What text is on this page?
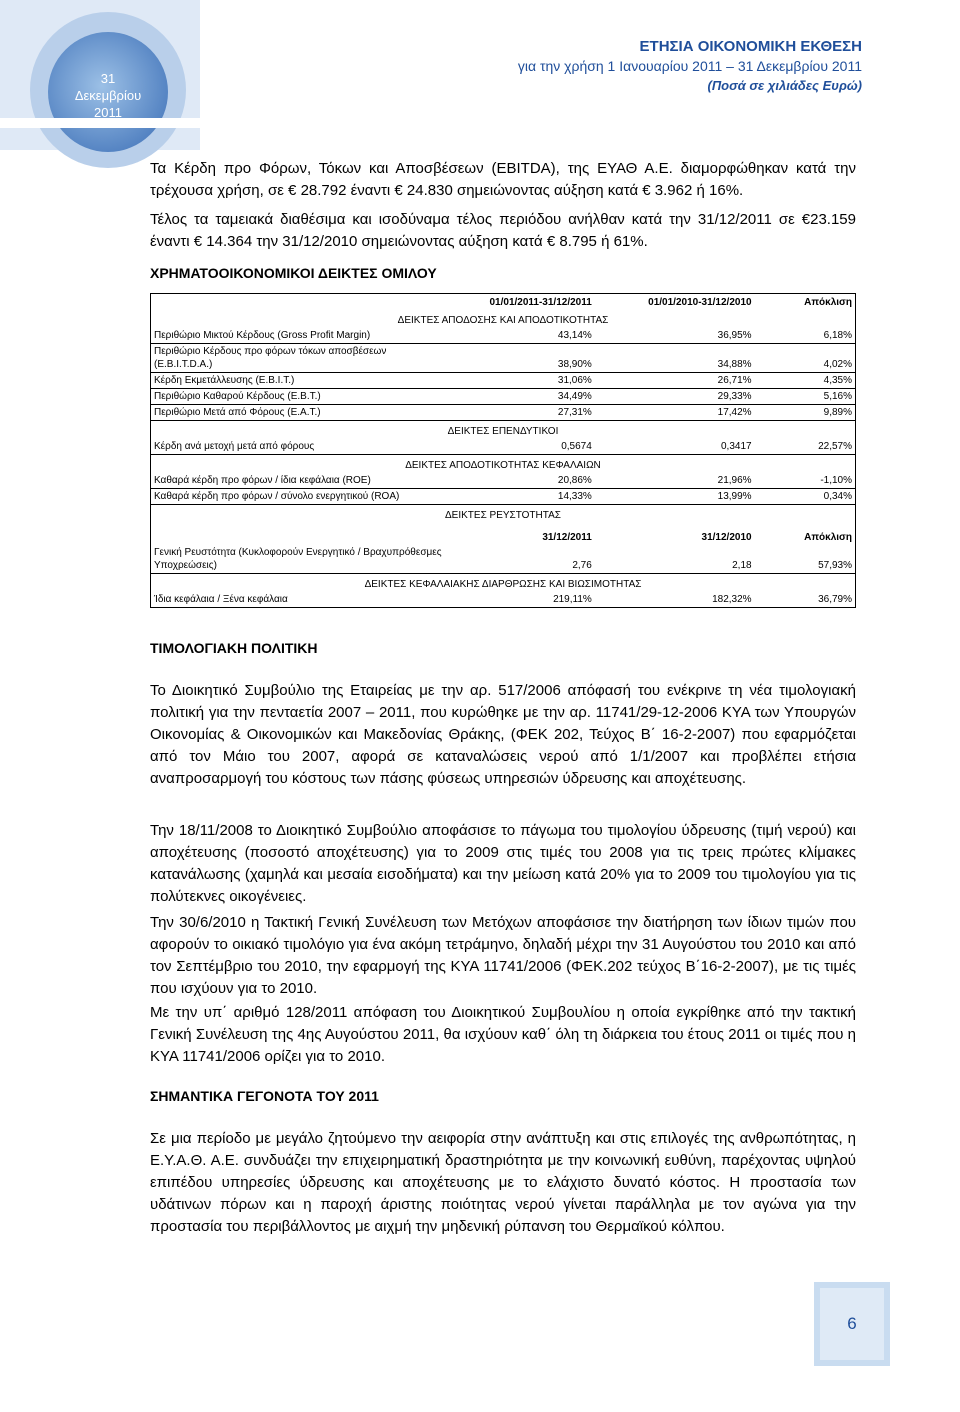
ΕΤΗΣΙΑ ΟΙΚΟΝΟΜΙΚΗ ΕΚΘΕΣΗ
για την χρήση 1 Ιανουαρίου 2011 – 31 Δεκεμβρίου 2011
(Ποσά σε χιλιάδες Ευρώ)
31
Δεκεμβρίου
2011
Τα Κέρδη προ Φόρων, Τόκων και Αποσβέσεων (EBITDA), της ΕΥΑΘ Α.Ε. διαμορφώθηκαν κατά την τρέχουσα χρήση, σε € 28.792 έναντι € 24.830 σημειώνοντας αύξηση κατά € 3.962 ή 16%.
Τέλος τα ταμειακά διαθέσιμα και ισοδύναμα τέλος περιόδου ανήλθαν κατά την 31/12/2011 σε €23.159 έναντι € 14.364 την 31/12/2010 σημειώνοντας αύξηση κατά € 8.795 ή 61%.
ΧΡΗΜΑΤΟΟΙΚΟΝΟΜΙΚΟΙ ΔΕΙΚΤΕΣ ΟΜΙΛΟΥ
	01/01/2011-31/12/2011	01/01/2010-31/12/2010	Απόκλιση
ΔΕΙΚΤΕΣ ΑΠΟΔΟΣΗΣ ΚΑΙ ΑΠΟΔΟΤΙΚΟΤΗΤΑΣ			
Περιθώριο Μικτού Κέρδους (Gross Profit Margin)	43,14%	36,95%	6,18%
Περιθώριο Κέρδους προ φόρων τόκων αποσβέσεων (E.B.I.T.D.A.)	38,90%	34,88%	4,02%
Κέρδη Εκμετάλλευσης (E.B.I.T.)	31,06%	26,71%	4,35%
Περιθώριο Καθαρού Κέρδους (E.B.T.)	34,49%	29,33%	5,16%
Περιθώριο Μετά από Φόρους (E.A.T.)	27,31%	17,42%	9,89%
ΔΕΙΚΤΕΣ ΕΠΕΝΔΥΤΙΚΟΙ			
Κέρδη ανά μετοχή μετά από φόρους	0,5674	0,3417	22,57%
ΔΕΙΚΤΕΣ ΑΠΟΔΟΤΙΚΟΤΗΤΑΣ ΚΕΦΑΛΑΙΩΝ			
Καθαρά κέρδη προ φόρων / ίδια κεφάλαια (ROE)	20,86%	21,96%	-1,10%
Καθαρά κέρδη προ φόρων / σύνολο ενεργητικού (ROA)	14,33%	13,99%	0,34%
ΔΕΙΚΤΕΣ ΡΕΥΣΤΟΤΗΤΑΣ			
	31/12/2011	31/12/2010	Απόκλιση
Γενική Ρευστότητα (Κυκλοφορούν Ενεργητικό / Βραχυπρόθεσμες Υποχρεώσεις)	2,76	2,18	57,93%
ΔΕΙΚΤΕΣ ΚΕΦΑΛΑΙΑΚΗΣ ΔΙΑΡΘΡΩΣΗΣ ΚΑΙ ΒΙΩΣΙΜΟΤΗΤΑΣ			
Ίδια κεφάλαια / Ξένα κεφάλαια	219,11%	182,32%	36,79%
ΤΙΜΟΛΟΓΙΑΚΗ ΠΟΛΙΤΙΚΗ
Το Διοικητικό Συμβούλιο της Εταιρείας με την αρ. 517/2006 απόφασή του ενέκρινε τη νέα τιμολογιακή πολιτική για την πενταετία 2007 – 2011, που κυρώθηκε με την αρ. 11741/29-12-2006 ΚΥΑ των Υπουργών Οικονομίας & Οικονομικών και Μακεδονίας Θράκης, (ΦΕΚ 202, Τεύχος Β΄ 16-2-2007) που εφαρμόζεται από τον Μάιο του 2007, αφορά σε καταναλώσεις νερού από 1/1/2007 και προβλέπει ετήσια αναπροσαρμογή του κόστους των πάσης φύσεως υπηρεσιών ύδρευσης και αποχέτευσης.
Την 18/11/2008 το Διοικητικό Συμβούλιο αποφάσισε το πάγωμα του τιμολογίου ύδρευσης (τιμή νερού) και αποχέτευσης (ποσοστό αποχέτευσης) για το 2009 στις τιμές του 2008 για τις τρεις πρώτες κλίμακες κατανάλωσης (χαμηλά και μεσαία εισοδήματα) και την μείωση κατά 20% για το 2009 του τιμολογίου για τις πολύτεκνες οικογένειες.
Την 30/6/2010 η Τακτική Γενική Συνέλευση των Μετόχων αποφάσισε την διατήρηση των ίδιων τιμών που αφορούν το οικιακό τιμολόγιο για ένα ακόμη τετράμηνο, δηλαδή μέχρι την 31 Αυγούστου του 2010 και από τον Σεπτέμβριο του 2010, την εφαρμογή της ΚΥΑ 11741/2006 (ΦΕΚ.202 τεύχος Β΄16-2-2007), με τις τιμές που ισχύουν για το 2010.
Με την υπ΄ αριθμό 128/2011 απόφαση του Διοικητικού Συμβουλίου η οποία εγκρίθηκε από την τακτική Γενική Συνέλευση της 4ης Αυγούστου 2011, θα ισχύουν καθ΄ όλη τη διάρκεια του έτους 2011 οι τιμές που η ΚΥΑ 11741/2006 ορίζει για το 2010.
ΣΗΜΑΝΤΙΚΑ ΓΕΓΟΝΟΤΑ ΤΟΥ 2011
Σε μια περίοδο με μεγάλο ζητούμενο την αειφορία στην ανάπτυξη και στις επιλογές της ανθρωπότητας, η Ε.Υ.Α.Θ. Α.Ε. συνδυάζει την επιχειρηματική δραστηριότητα με την κοινωνική ευθύνη, παρέχοντας υψηλού επιπέδου υπηρεσίες ύδρευσης και αποχέτευσης με το ελάχιστο δυνατό κόστος. Η προστασία των υδάτινων πόρων και η παροχή άριστης ποιότητας νερού γίνεται παράλληλα με τον αγώνα για την προστασία του περιβάλλοντος με αιχμή την μηδενική ρύπανση του Θερμαϊκού κόλπου.
6
